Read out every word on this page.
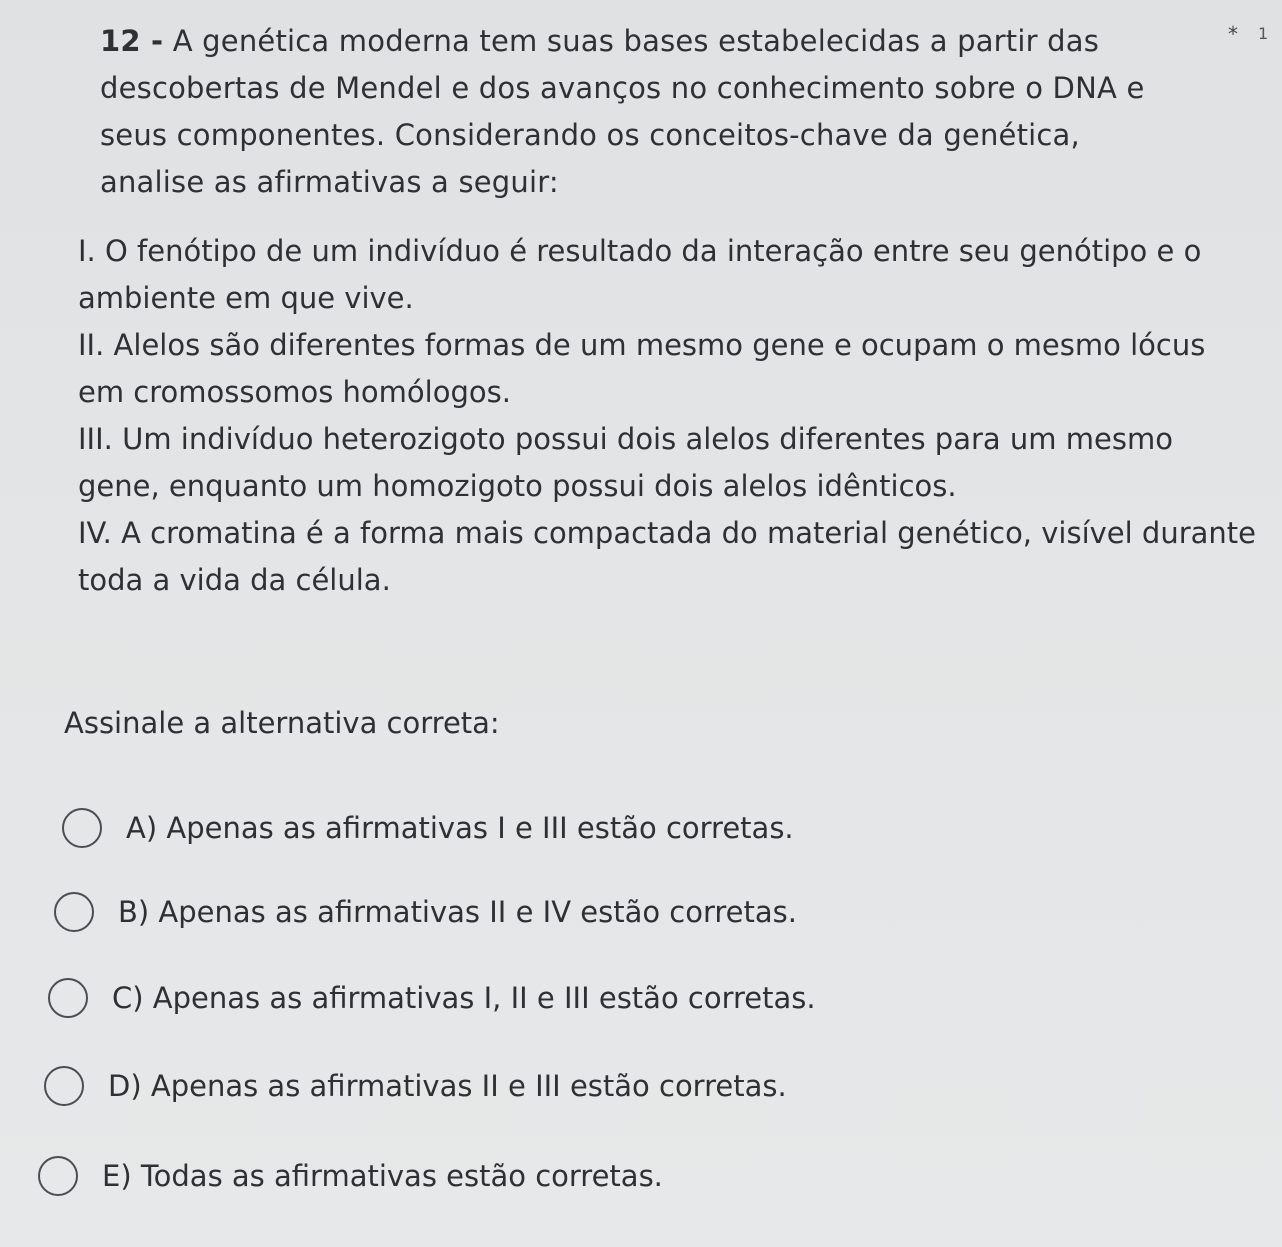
12 - A genética moderna tem suas bases estabelecidas a partir das descobertas de Mendel e dos avanços no conhecimento sobre o DNA e seus componentes. Considerando os conceitos-chave da genética, analise as afirmativas a seguir:
* 1

I. O fenótipo de um indivíduo é resultado da interação entre seu genótipo e o ambiente em que vive.

II. Alelos são diferentes formas de um mesmo gene e ocupam o mesmo lócus em cromossomos homólogos.

III. Um indivíduo heterozigoto possui dois alelos diferentes para um mesmo gene, enquanto um homozigoto possui dois alelos idênticos.

IV. A cromatina é a forma mais compactada do material genético, visível durante toda a vida da célula.

Assinale a alternativa correta:
A) Apenas as afirmativas I e III estão corretas.
B) Apenas as afirmativas II e IV estão corretas.
C) Apenas as afirmativas I, II e III estão corretas.
D) Apenas as afirmativas II e III estão corretas.
E) Todas as afirmativas estão corretas.
